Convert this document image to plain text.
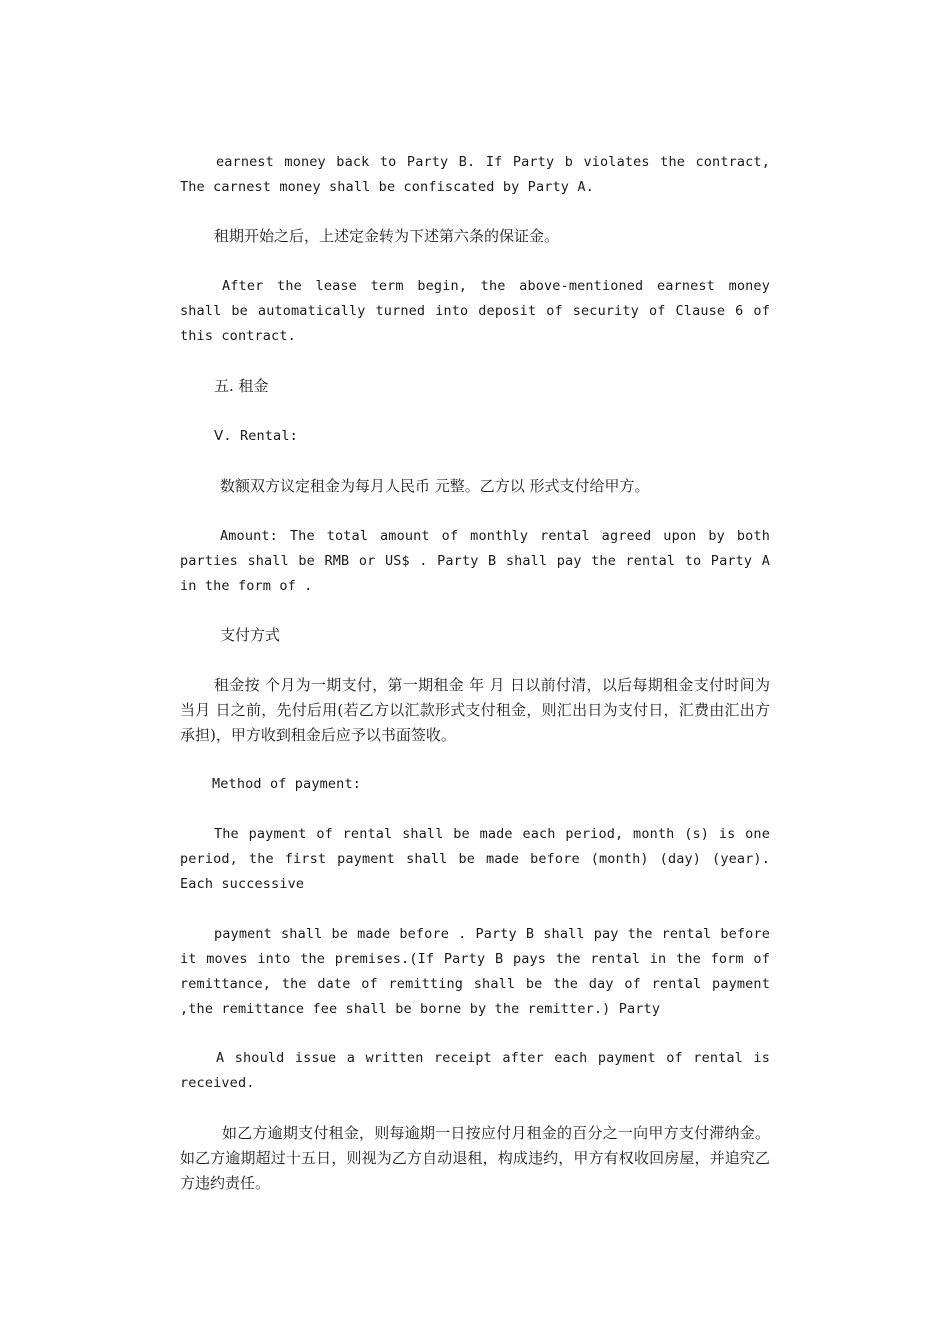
earnest money back to Party B. If Party b violates the contract, The carnest money shall be confiscated by Party A.

租期开始之后，上述定金转为下述第六条的保证金。

After the lease term begin, the above-mentioned earnest money shall be automatically turned into deposit of security of Clause 6 of this contract.

五. 租金

Ⅴ. Rental:

数额双方议定租金为每月人民币 元整。乙方以 形式支付给甲方。

Amount: The total amount of monthly rental agreed upon by both parties shall be RMB or US$ . Party B shall pay the rental to Party A in the form of .

支付方式

租金按 个月为一期支付，第一期租金 年 月 日以前付清，以后每期租金支付时间为当月 日之前，先付后用(若乙方以汇款形式支付租金，则汇出日为支付日，汇费由汇出方承担)，甲方收到租金后应予以书面签收。

Method of payment:

The payment of rental shall be made each period, month (s) is one period, the first payment shall be made before (month) (day) (year). Each successive

payment shall be made before . Party B shall pay the rental before it moves into the premises.(If Party B pays the rental in the form of remittance, the date of remitting shall be the day of rental payment ,the remittance fee shall be borne by the remitter.) Party

A should issue a written receipt after each payment of rental is received.

如乙方逾期支付租金，则每逾期一日按应付月租金的百分之一向甲方支付滞纳金。如乙方逾期超过十五日，则视为乙方自动退租，构成违约，甲方有权收回房屋，并追究乙方违约责任。
